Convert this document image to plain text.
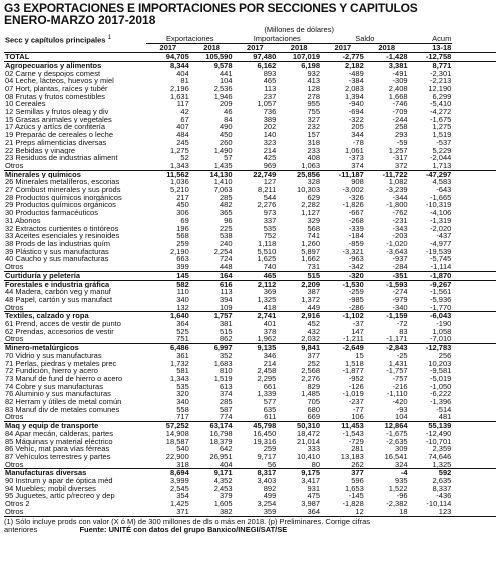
G3 EXPORTACIONES E IMPORTACIONES POR SECCIONES Y CAPITULOS
ENERO-MARZO 2017-2018
		(Millones de dólares)						
Secc y capítulos principales $^1$	Exportaciones		Importaciones		Saldo		Acum	
	2017	2018	2017	2018	2017	2018	13-18	
TOTAL	94,705	105,590	97,480	107,019	-2,775	-1,428	-12,758	
Agropecuarios y alimentos	8,344	9,578	6,162	6,198	2,182	3,381	8,771	
02 Carne y despojos comest	404	441	893	932	-489	-491	-2,301	
04 Leche, lácteos, huevos y miel	81	104	465	413	-384	-309	-2,213	
07 Hort, plantas, raíces y tubér	2,196	2,536	113	128	2,083	2,408	12,190	
08 Frutas y frutos comestibles	1,631	1,946	237	278	1,394	1,668	6,299	
10 Cereales	117	209	1,057	955	-940	-746	-5,410	
12 Semillas y frutos oleag y div	42	46	736	755	-694	-709	-4,272	
15 Grasas animales y vegetales	67	84	389	327	-322	-244	-1,675	
17 Azúcs y artícs de confitería	407	490	202	232	205	258	1,275	
19 Preparác de cereales o leche	484	450	140	157	344	293	1,519	
21 Preps alimenticias diversas	245	260	323	318	-78	-59	-537	
22 Bebidas y vinagre	1,275	1,490	214	233	1,061	1,257	5,229	
23 Residuos de industrias aliment	52	57	425	408	-373	-317	-2,044	
Otros	1,343	1,435	969	1,063	374	372	1,713	
Minerales y químicos	11,562	14,130	22,749	25,856	-11,187	-11,722	-47,297	
26 Minerales metalíferos, escorias	1,036	1,410	127	328	908	1,082	4,583	
27 Combust minerales y sus prods	5,210	7,063	8,211	10,303	-3,002	-3,239	-643	
28 Productos químicos inorgánicos	217	285	544	629	-326	-344	-1,665	
29 Productos químicos orgánicos	450	482	2,276	2,282	-1,826	-1,800	-10,319	
30 Productos farmacéuticos	306	365	973	1,127	-667	-762	-4,106	
31 Abonos	69	96	337	329	-268	-231	-1,319	
32 Extractos curtientes o tintóreos	196	225	535	568	-339	-343	-2,020	
33 Aceites esenciales y resinoides	568	538	752	741	-184	-203	-437	
38 Prods de las industrias quím	259	240	1,118	1,260	-859	-1,020	-4,977	
39 Plástico y sus manufacturas	2,190	2,254	5,510	5,897	-3,321	-3,643	-19,539	
40 Caucho y sus manufacturas	663	724	1,625	1,662	-963	-937	-5,745	
Otros	399	448	740	731	-342	-284	-1,114	
Curtiduría y peletería	145	164	465	515	-320	-351	-1,870	
Forestales e industria gráfica	582	616	2,112	2,209	-1,530	-1,593	-9,267	
44 Madera, carbón veg y manuf	110	113	369	387	-259	-274	-1,561	
48 Papel, cartón y sus manufact	340	394	1,325	1,372	-985	-979	-5,936	
Otros	132	109	418	449	-286	-340	-1,770	
Textiles, calzado y ropa	1,640	1,757	2,741	2,916	-1,102	-1,159	-6,043	
61 Prend, acces de vestir de punto	364	381	401	452	-37	-72	-190	
62 Prendas, accesorios de vestir	525	515	378	432	147	83	1,058	
Otros	751	862	1,962	2,032	-1,211	-1,171	-7,010	
Minero-metalúrgicos	6,486	6,997	9,135	9,841	-2,649	-2,843	-12,783	
70 Vidrio y sus manufacturas	361	352	346	377	15	-25	256	
71 Perlas, piedras y metales prec	1,732	1,683	214	252	1,518	1,431	10,203	
72 Fundición, hierro y acero	581	810	2,458	2,568	-1,877	-1,757	-9,581	
73 Manuf de fund de hierro o acero	1,343	1,519	2,295	2,276	-952	-757	-5,019	
74 Cobre y sus manufacturas	535	613	661	829	-126	-216	-1,050	
76 Aluminio y sus manufacturas	320	374	1,339	1,485	-1,019	-1,110	-6,222	
82 Herram y útiles de metal común	340	285	577	705	-237	-420	-1,396	
83 Manuf div de metales comunes	558	587	635	680	-77	-93	-514	
Otros	717	774	611	669	106	104	481	
Maq y equip de transporte	57,252	63,174	45,798	50,310	11,453	12,864	55,139	
84 Apar mecán, calderas, partes	14,908	16,798	16,450	18,472	-1,543	-1,675	-12,490	
85 Máquinas y material eléctrico	18,587	18,379	19,316	21,014	-729	-2,635	-10,701	
86 Vehíc, mat para vías férreas	540	642	259	333	281	309	2,359	
87 Vehículos terrestres y partes	22,900	26,951	9,717	10,410	13,183	16,541	74,646	
Otros	318	404	56	80	262	324	1,325	
Manufacturas diversas	8,694	9,171	8,317	9,175	377	-4	592	
90 Instrum y apar de óptica méd	3,999	4,352	3,403	3,417	596	935	2,635	
94 Muebles; mobil diverses	2,545	2,453	892	931	1,653	1,522	8,337	
95 Juguetes, artíc p/recreo y dep	354	379	499	475	-145	-96	-436	
Otros 2	1,425	1,605	3,254	3,987	-1,828	-2,382	-10,114	
Otros	371	382	359	364	12	18	123	
(1) Sólo incluye prods con valor (X ó M) de 300 millones de dls o más en 2018. (p) Preliminares. Corrige cifras
anteriores	Fuente: UNITÉ con datos del grupo Banxico/INEGI/SAT/SE
